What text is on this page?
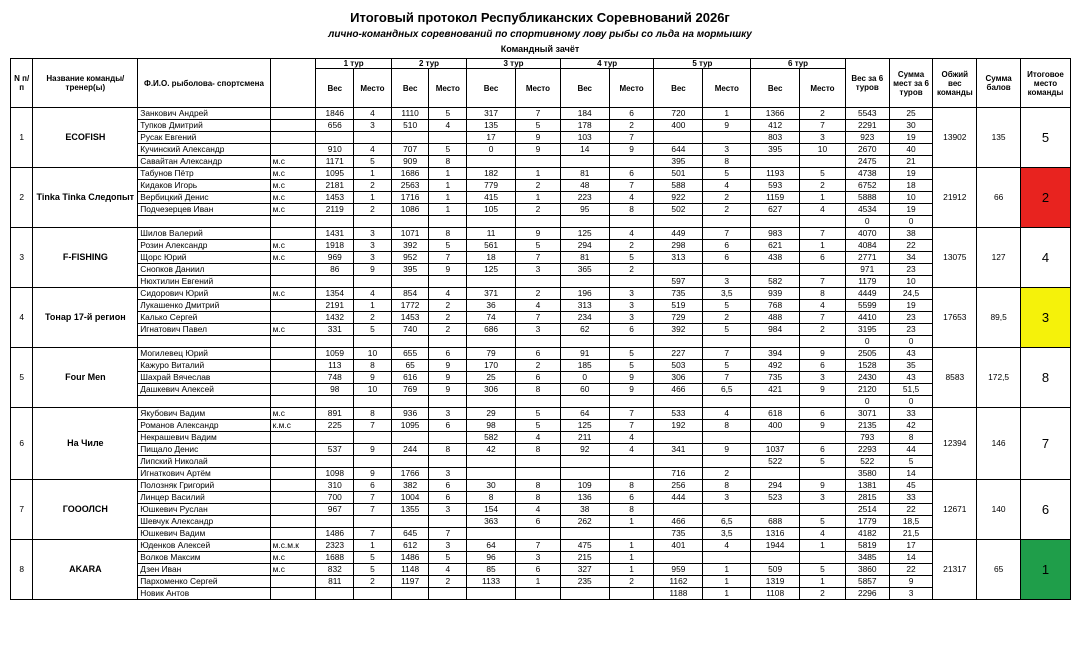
Итоговый протокол Республиканских Соревнований 2026г
лично-командных соревнований по спортивному лову рыбы со льда на мормышку
Командный зачёт
N п/п	Название команды/ тренер(ы)	Ф.И.О. рыболова- спортсмена		1 тур		2 тур		3 тур		4 тур		5 тур		6 тур		Вес за 6 туров	Сумма мест за 6 туров	Обжий вес команды	Сумма балов	Итоговое место команды
				Вес	Место	Вес	Место	Вес	Место	Вес	Место	Вес	Место	Вес	Место					
1	ECOFISH	Занкович Андрей		1846	4	1110	5	317	7	184	6	720	1	1366	2	5543	25	13902	135	5
		Тупков Дмитрий		656	3	510	4	135	5	178	2	400	9	412	7	2291	30			
		Русак Евгений						17	9	103	7			803	3	923	19			
		Кучинский Александр		910	4	707	5	0	9	14	9	644	3	395	10	2670	40			
		Савайтан Александр	м.с	1171	5	909	8					395	8			2475	21			
2	Tinka Tinka Следопыт	Табунов Пётр	м.с	1095	1	1686	1	182	1	81	6	501	5	1193	5	4738	19	21912	66	2
		Кидаков Игорь	м.с	2181	2	2563	1	779	2	48	7	588	4	593	2	6752	18			
		Вербицкий Денис	м.с	1453	1	1716	1	415	1	223	4	922	2	1159	1	5888	10			
		Подчезерцев Иван	м.с	2119	2	1086	1	105	2	95	8	502	2	627	4	4534	19			
																0	0			
3	F-FISHING	Шилов Валерий		1431	3	1071	8	11	9	125	4	449	7	983	7	4070	38	13075	127	4
		Розин Александр	м.с	1918	3	392	5	561	5	294	2	298	6	621	1	4084	22			
		Щорс Юрий	м.с	969	3	952	7	18	7	81	5	313	6	438	6	2771	34			
		Снопков Даниил		86	9	395	9	125	3	365	2					971	23			
		Нюхтилин Евгений										597	3	582	7	1179	10			
4	Тонар 17-й регион	Сидорович Юрий	м.с	1354	4	854	4	371	2	196	3	735	3,5	939	8	4449	24,5	17653	89,5	3
		Лукашенко Дмитрий		2191	1	1772	2	36	4	313	3	519	5	768	4	5599	19			
		Калько Сергей		1432	2	1453	2	74	7	234	3	729	2	488	7	4410	23			
		Игнатович Павел	м.с	331	5	740	2	686	3	62	6	392	5	984	2	3195	23			
																0	0			
5	Four Men	Могилевец Юрий		1059	10	655	6	79	6	91	5	227	7	394	9	2505	43	8583	172,5	8
		Кажуро Виталий		113	8	65	9	170	2	185	5	503	5	492	6	1528	35			
		Шахрай Вячеслав		748	9	616	9	25	6	0	9	306	7	735	3	2430	43			
		Дашкевич Алексей		98	10	769	9	306	8	60	9	466	6,5	421	9	2120	51,5			
																0	0			
6	На Чиле	Якубович Вадим	м.с	891	8	936	3	29	5	64	7	533	4	618	6	3071	33	12394	146	7
		Романов Александр	к.м.с	225	7	1095	6	98	5	125	7	192	8	400	9	2135	42			
		Некрашевич Вадим						582	4	211	4					793	8			
		Пищало Денис		537	9	244	8	42	8	92	4	341	9	1037	6	2293	44			
		Липский Николай												522	5	522	5			
		Игнаткович Артём		1098	9	1766	3					716	2			3580	14			
7	ГОООЛСН	Полозняк Григорий		310	6	382	6	30	8	109	8	256	8	294	9	1381	45	12671	140	6
		Линцер Василий		700	7	1004	6	8	8	136	6	444	3	523	3	2815	33			
		Юшкевич Руслан		967	7	1355	3	154	4	38	8					2514	22			
		Шевчук Александр						363	6	262	1	466	6,5	688	5	1779	18,5			
		Юшкевич Вадим		1486	7	645	7					735	3,5	1316	4	4182	21,5			
8	AKARA	Юденков Алексей	м.с.м.к	2323	1	612	3	64	7	475	1	401	4	1944	1	5819	17	21317	65	1
		Волков Максим	м.с	1688	5	1486	5	96	3	215	1					3485	14			
		Дзен Иван	м.с	832	5	1148	4	85	6	327	1	959	1	509	5	3860	22			
		Пархоменко Сергей		811	2	1197	2	1133	1	235	2	1162	1	1319	1	5857	9			
		Новик Антов										1188	1	1108	2	2296	3			
